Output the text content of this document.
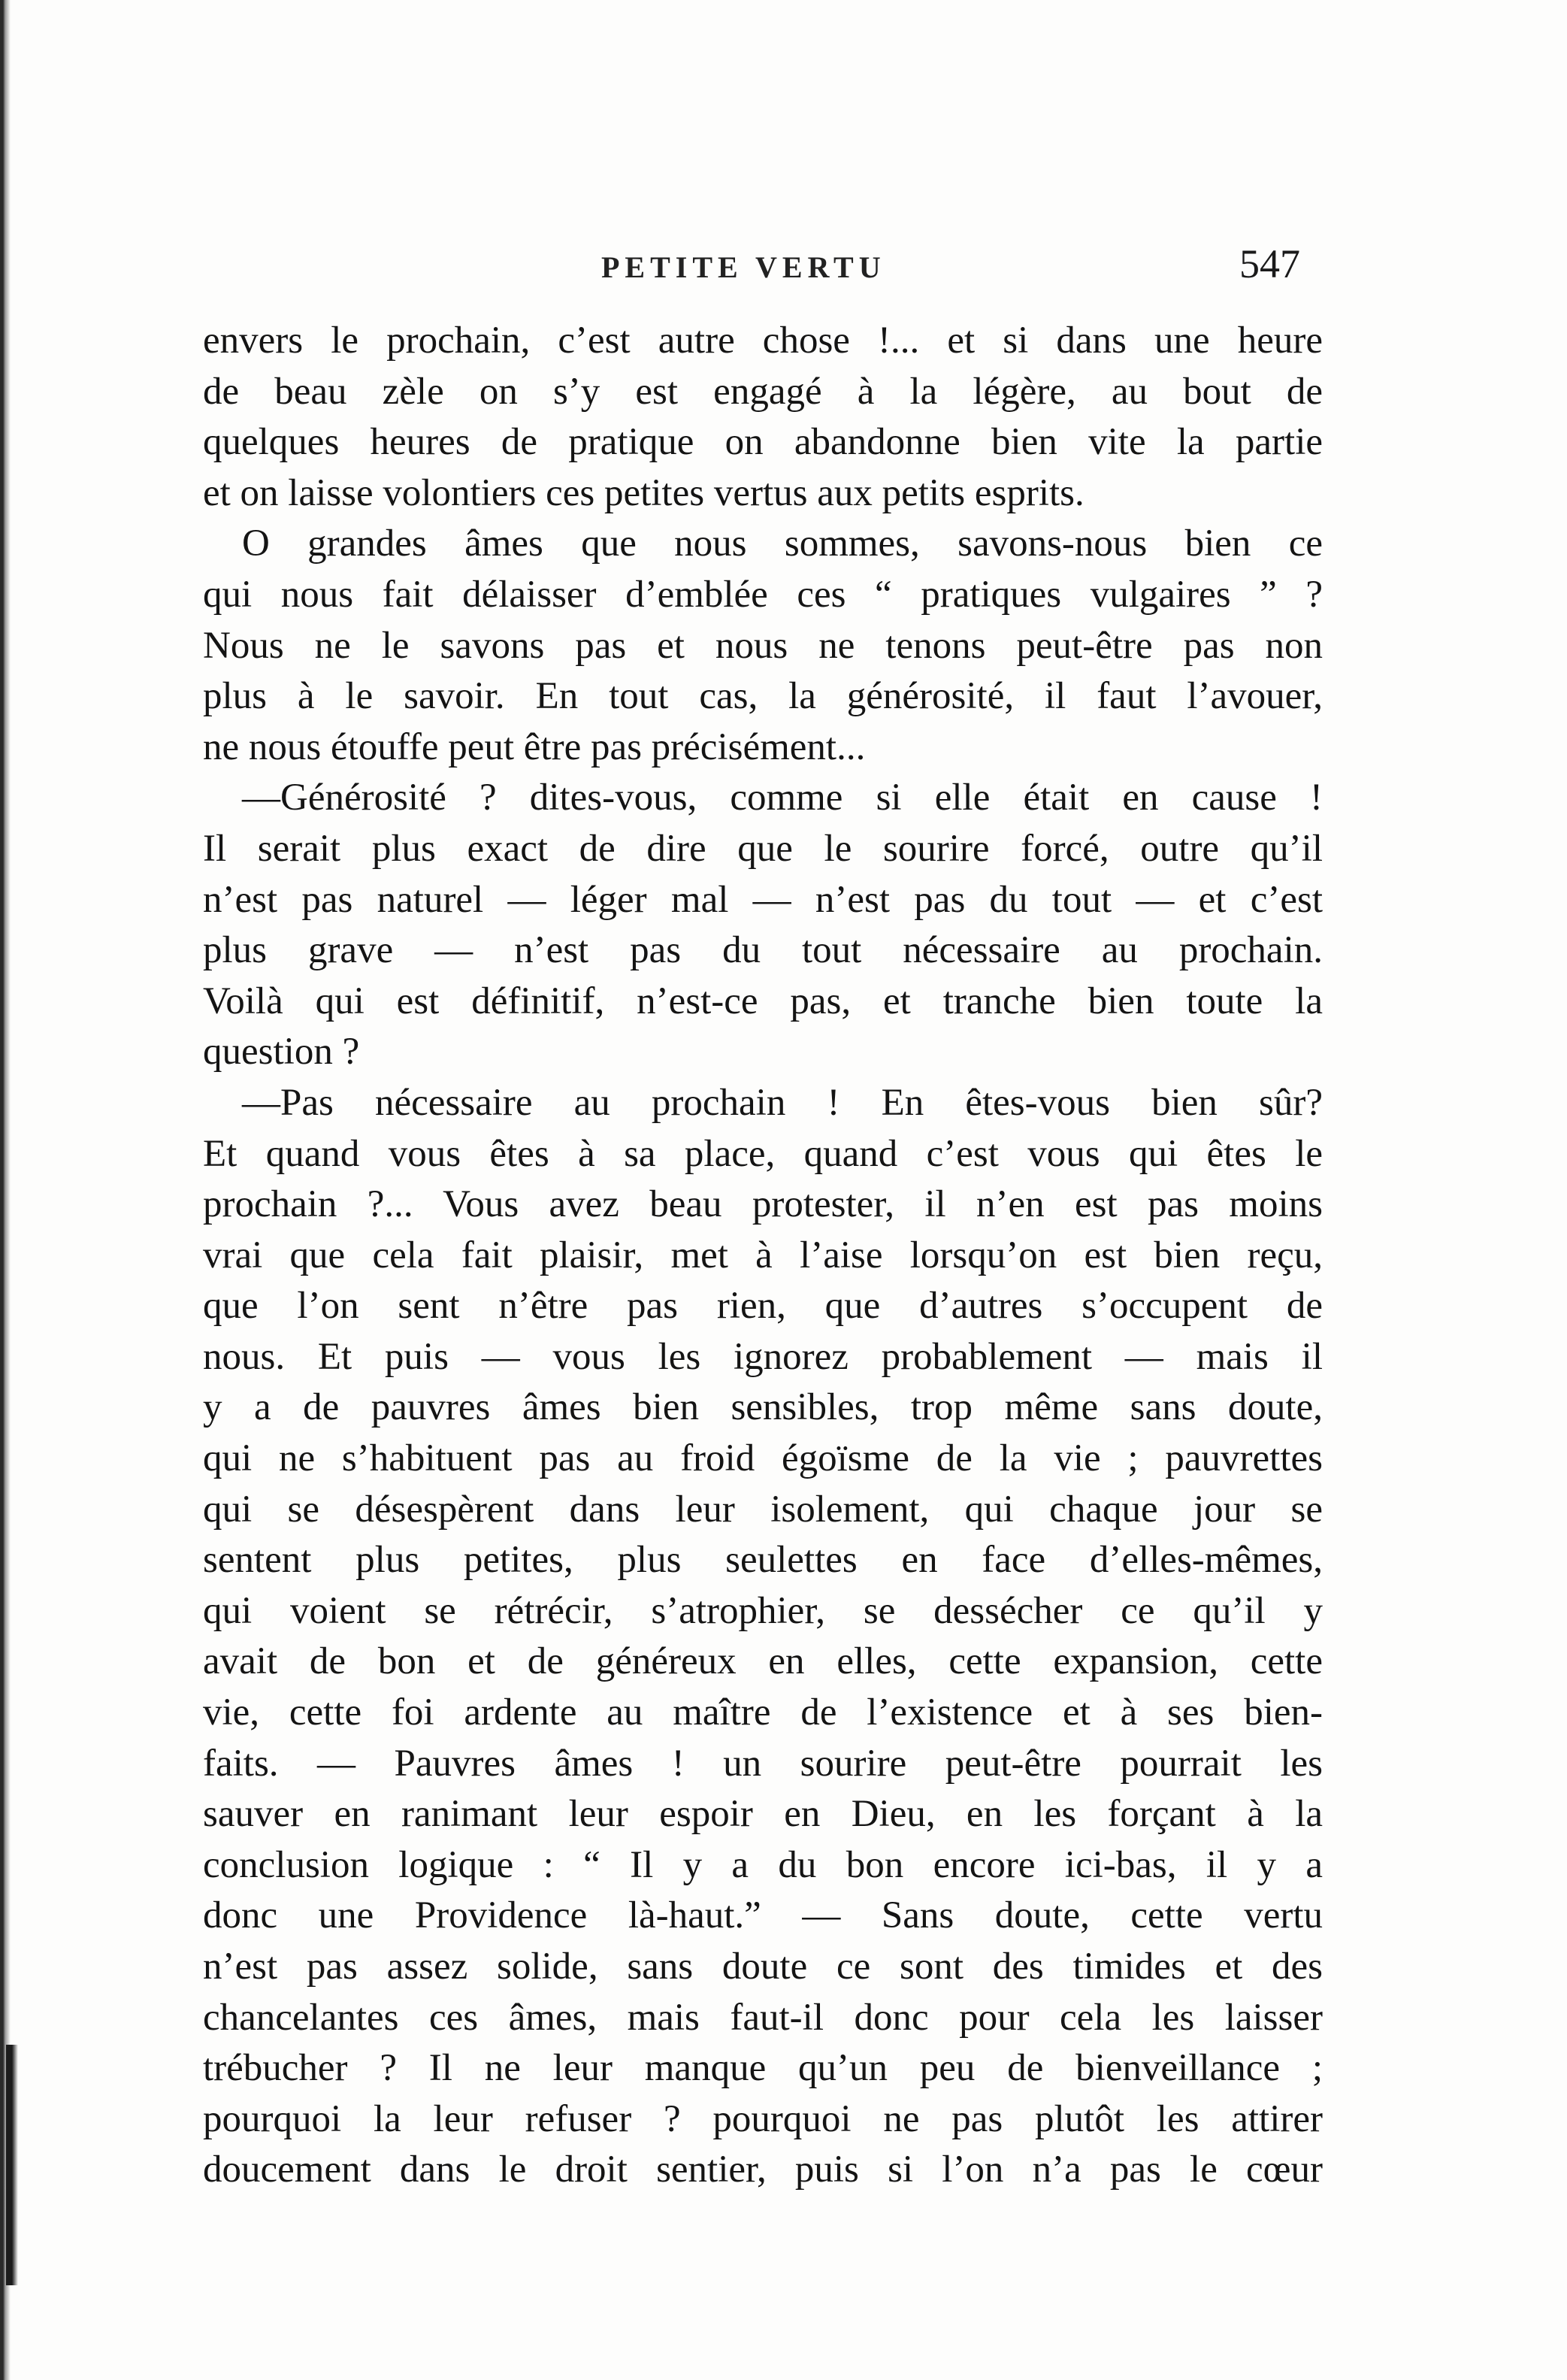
PETITE VERTU	547
envers le prochain, c’est autre chose !... et si dans une heure
de beau zèle on s’y est engagé à la légère, au bout de
quelques heures de pratique on abandonne bien vite la partie
et on laisse volontiers ces petites vertus aux petits esprits.
O grandes âmes que nous sommes, savons-nous bien ce
qui nous fait délaisser d’emblée ces “ pratiques vulgaires ” ?
Nous ne le savons pas et nous ne tenons peut-être pas non
plus à le savoir. En tout cas, la générosité, il faut l’avouer,
ne nous étouffe peut être pas précisément...
—Générosité ? dites-vous, comme si elle était en cause !
Il serait plus exact de dire que le sourire forcé, outre qu’il
n’est pas naturel — léger mal — n’est pas du tout — et c’est
plus grave — n’est pas du tout nécessaire au prochain.
Voilà qui est définitif, n’est-ce pas, et tranche bien toute la
question ?
—Pas nécessaire au prochain ! En êtes-vous bien sûr?
Et quand vous êtes à sa place, quand c’est vous qui êtes le
prochain ?... Vous avez beau protester, il n’en est pas moins
vrai que cela fait plaisir, met à l’aise lorsqu’on est bien reçu,
que l’on sent n’être pas rien, que d’autres s’occupent de
nous. Et puis — vous les ignorez probablement — mais il
y a de pauvres âmes bien sensibles, trop même sans doute,
qui ne s’habituent pas au froid égoïsme de la vie ; pauvrettes
qui se désespèrent dans leur isolement, qui chaque jour se
sentent plus petites, plus seulettes en face d’elles-mêmes,
qui voient se rétrécir, s’atrophier, se dessécher ce qu’il y
avait de bon et de généreux en elles, cette expansion, cette
vie, cette foi ardente au maître de l’existence et à ses bien-
faits. — Pauvres âmes ! un sourire peut-être pourrait les
sauver en ranimant leur espoir en Dieu, en les forçant à la
conclusion logique : “ Il y a du bon encore ici-bas, il y a
donc une Providence là-haut.” — Sans doute, cette vertu
n’est pas assez solide, sans doute ce sont des timides et des
chancelantes ces âmes, mais faut-il donc pour cela les laisser
trébucher ? Il ne leur manque qu’un peu de bienveillance ;
pourquoi la leur refuser ? pourquoi ne pas plutôt les attirer
doucement dans le droit sentier, puis si l’on n’a pas le cœur
